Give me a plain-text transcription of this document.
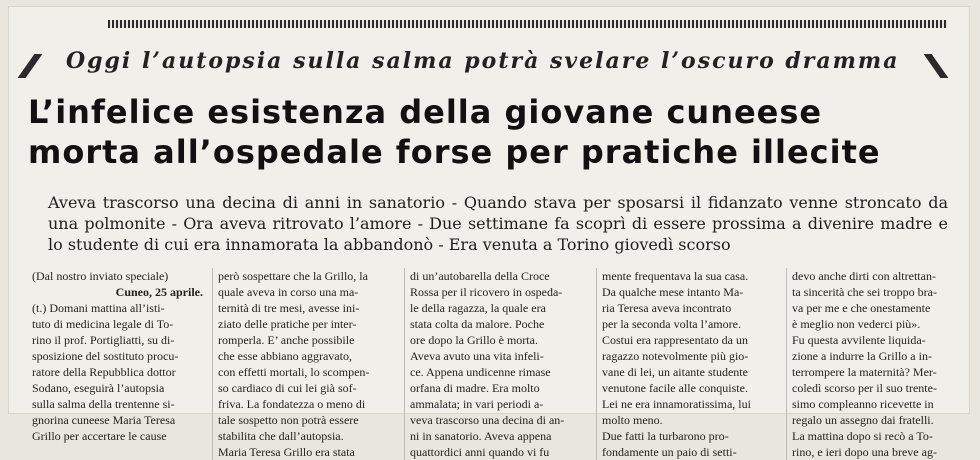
Oggi l’autopsia sulla salma potrà svelare l’oscuro dramma
L’infelice esistenza della giovane cuneese
morta all’ospedale forse per pratiche illecite
Aveva trascorso una decina di anni in sanatorio - Quando stava per sposarsi il fidanzato venne stroncato da una polmonite - Ora aveva ritrovato l’amore - Due settimane fa scoprì di essere prossima a divenire madre e lo studente di cui era innamorata la abbandonò - Era venuta a Torino giovedì scorso
(Dal nostro inviato speciale)
Cuneo, 25 aprile.
(t.) Domani mattina all’isti-
tuto di medicina legale di To-
rino il prof. Portigliatti, su di-
sposizione del sostituto procu-
ratore della Repubblica dottor
Sodano, eseguirà l’autopsia
sulla salma della trentenne si-
gnorina cuneese Maria Teresa
Grillo per accertare le cause
però sospettare che la Grillo, la
quale aveva in corso una ma-
ternità di tre mesi, avesse ini-
ziato delle pratiche per inter-
romperla. E’ anche possibile
che esse abbiano aggravato,
con effetti mortali, lo scompen-
so cardiaco di cui lei già sof-
friva. La fondatezza o meno di
tale sospetto non potrà essere
stabilita che dall’autopsia.
Maria Teresa Grillo era stata
di un’autobarella della Croce
Rossa per il ricovero in ospeda-
le della ragazza, la quale era
stata colta da malore. Poche
ore dopo la Grillo è morta.
Aveva avuto una vita infeli-
ce. Appena undicenne rimase
orfana di madre. Era molto
ammalata; in vari periodi a-
veva trascorso una decina di an-
ni in sanatorio. Aveva appena
quattordici anni quando vi fu
mente frequentava la sua casa.
Da qualche mese intanto Ma-
ria Teresa aveva incontrato
per la seconda volta l’amore.
Costui era rappresentato da un
ragazzo notevolmente più gio-
vane di lei, un aitante studente
venutone facile alle conquiste.
Lei ne era innamoratissima, lui
molto meno.
Due fatti la turbarono pro-
fondamente un paio di setti-
devo anche dirti con altrettan-
ta sincerità che sei troppo bra-
va per me e che onestamente
è meglio non vederci più».
Fu questa avvilente liquida-
zione a indurre la Grillo a in-
terrompere la maternità? Mer-
coledì scorso per il suo trente-
simo compleanno ricevette in
regalo un assegno dai fratelli.
La mattina dopo si recò a To-
rino, e ieri dopo una breve ag-
